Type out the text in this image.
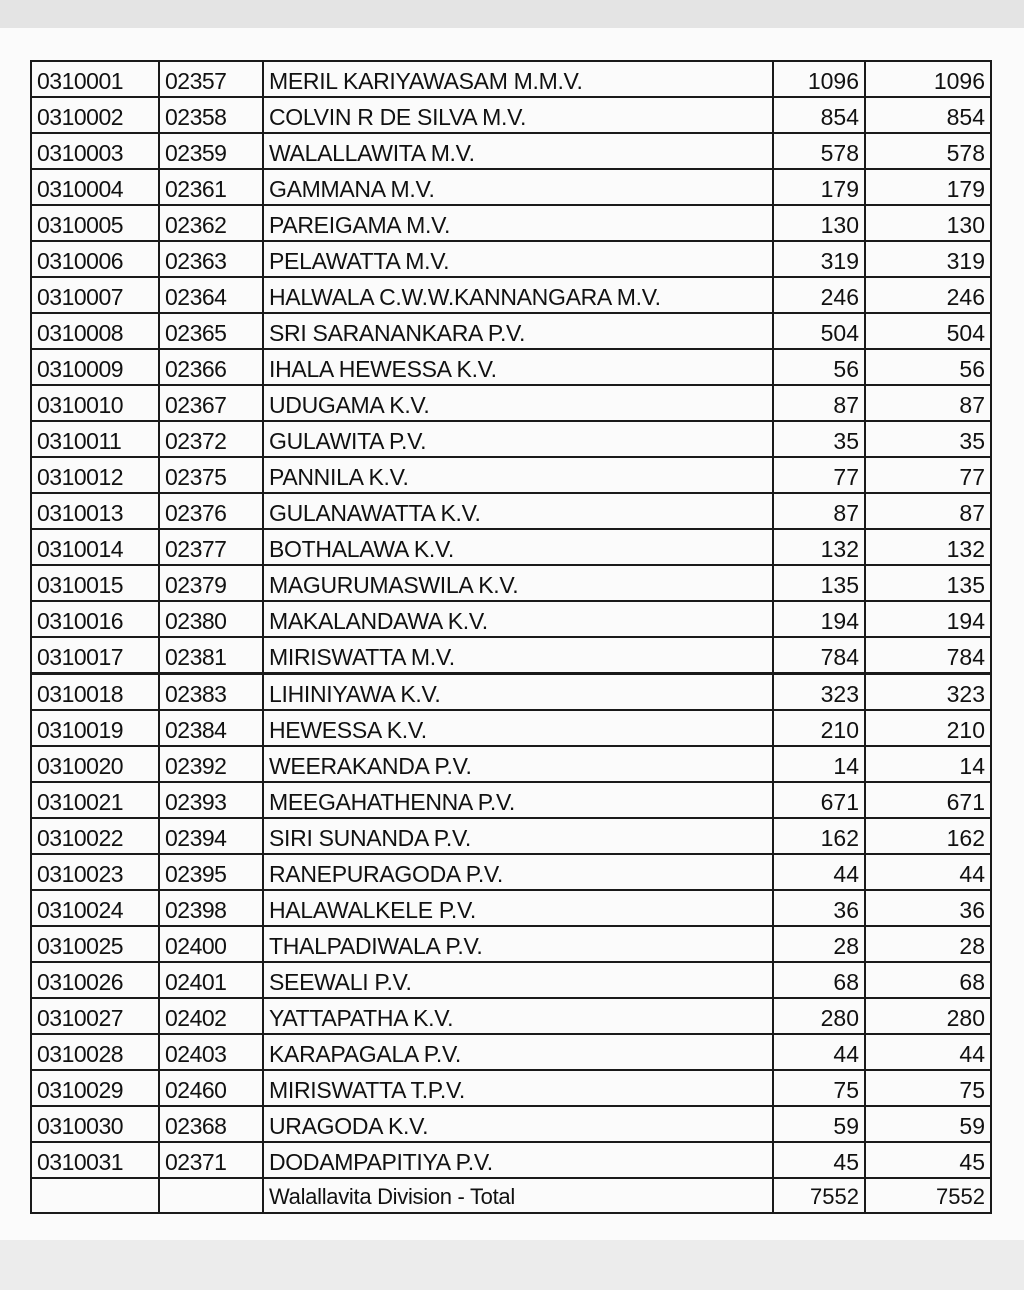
0310001	02357	MERIL KARIYAWASAM M.M.V.	1096	1096
0310002	02358	COLVIN R DE SILVA M.V.	854	854
0310003	02359	WALALLAWITA M.V.	578	578
0310004	02361	GAMMANA M.V.	179	179
0310005	02362	PAREIGAMA M.V.	130	130
0310006	02363	PELAWATTA M.V.	319	319
0310007	02364	HALWALA C.W.W.KANNANGARA M.V.	246	246
0310008	02365	SRI SARANANKARA P.V.	504	504
0310009	02366	IHALA HEWESSA K.V.	56	56
0310010	02367	UDUGAMA K.V.	87	87
0310011	02372	GULAWITA P.V.	35	35
0310012	02375	PANNILA K.V.	77	77
0310013	02376	GULANAWATTA K.V.	87	87
0310014	02377	BOTHALAWA K.V.	132	132
0310015	02379	MAGURUMASWILA K.V.	135	135
0310016	02380	MAKALANDAWA K.V.	194	194
0310017	02381	MIRISWATTA M.V.	784	784
0310018	02383	LIHINIYAWA K.V.	323	323
0310019	02384	HEWESSA K.V.	210	210
0310020	02392	WEERAKANDA P.V.	14	14
0310021	02393	MEEGAHATHENNA P.V.	671	671
0310022	02394	SIRI SUNANDA P.V.	162	162
0310023	02395	RANEPURAGODA P.V.	44	44
0310024	02398	HALAWALKELE P.V.	36	36
0310025	02400	THALPADIWALA P.V.	28	28
0310026	02401	SEEWALI P.V.	68	68
0310027	02402	YATTAPATHA K.V.	280	280
0310028	02403	KARAPAGALA P.V.	44	44
0310029	02460	MIRISWATTA T.P.V.	75	75
0310030	02368	URAGODA K.V.	59	59
0310031	02371	DODAMPAPITIYA P.V.	45	45
		Walallavita Division - Total	7552	7552
